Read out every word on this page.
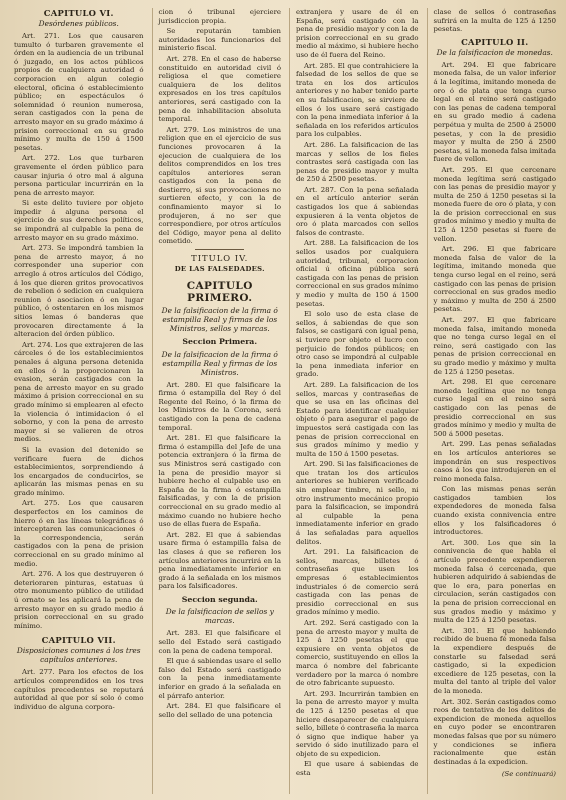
CAPITULO VI.
Desórdenes públicos.

Art. 271. Los que causaren tumulto ó turbaren gravemente el órden en la audiencia de un tribunal ó juzgado, en los actos públicos propios de cualquiera autoridad ó corporacion en algun colegio electoral, oficina ó establecimiento público; en espectáculos ó solemnidad ó reunion numerosa, seran castigados con la pena de arresto mayor en su grado máximo á prision correccional en su grado mínimo y multa de 150 á 1500 pesetas.

Art. 272. Los que turbaren gravemente el órden público para causar injuria ó otro mal á alguna persona particular incurrirán en la pena de arresto mayor.

Si este delito tuviere por objeto impedir á alguna persona el ejercicio de sus derechos políticos, se impondrá al culpable la pena de arresto mayor en su grado máximo.

Art. 273. Se impondrá tambien la pena de arresto mayor, á no corresponder una superior con arreglo á otros artículos del Código, á los que dieren gritos provocativos de rebelion ó sedicion en cualquiera reunion ó asociacion ó en lugar público, ó ostentaren en los mismos sitios lemas ó banderas que provocaren directamente á la alteracion del órden público.

Art. 274. Los que extrajeren de las cárceles ó de los establecimientos penales á alguna persona detenida en ellos ó la proporcionaren la evasion, serán castigados con la pena de arresto mayor en su grado máximo á prision correccional en su grado mínimo si emplearen al efecto la violencia ó intimidacion ó el soborno, y con la pena de arresto mayor si se valieren de otros medios.

Si la evasion del detenido se verificare fuera de dichos establecimientos, sorprendiendo á los encargados de conducirlos, se aplicarán las mismas penas en su grado mínimo.

Art. 275. Los que causaren desperfectos en los caminos de hierro ó en las líneas telegráficas ó interceptaren las comunicaciones ó la correspondencia, serán castigados con la pena de prision correccional en su grado mínimo al medio.

Art. 276. A los que destruyeren ó deterioraren pinturas, estatuas ú otro monumento público de utilidad ú ornato se les aplicará la pena de arresto mayor en su grado medio á prision correccional en su grado mínimo.

CAPITULO VII.
Disposiciones comunes á los tres capítulos anteriores.

Art. 277. Para los efectos de los artículos comprendidos en los tres capítulos precedentes se reputará autoridad al que por sí solo ó como individuo de alguna corpora-

cion ó tribunal ejerciere jurisdiccion propia.

Se reputarán tambien autoridades los funcionarios del ministerio fiscal.

Art. 278. En el caso de haberse constituido en autoridad civil ó religiosa el que cometiere cualquiera de los delitos expresados en los tres capítulos anteriores, será castigado con la pena de inhabilitacion absoluta temporal.

Art. 279. Los ministros de una religion que en el ejercicio de sus funciones provocaren á la ejecucion de cualquiera de los delitos comprendidos en los tres capítulos anteriores seran castigados con la pena de destierro, si sus provocaciones no surtieren efecto, y con la de confinamiento mayor si lo produjeren, á no ser que correspondiere, por otros artículos del Código, mayor pena al delito cometido.

TITULO IV.
DE LAS FALSEDADES.
CAPITULO PRIMERO.
De la falsificacion de la firma ó estampilla Real y firmas de los Ministros, sellos y marcas.
Seccion Primera.
De la falsificacion de la firma ó estampilla Real y firmas de los Ministros.

Art. 280. El que falsificare la firma ó estampilla del Rey ó del Regente del Reino, ó la firma de los Ministros de la Corona, será castigado con la pena de cadena temporal.

Art. 281. El que falsificare la firma ó estampilla del Jefe de una potencia extranjera ó la firma de sus Ministros será castigado con la pena de presidio mayor si hubiere hecho el culpable uso en España de la firma ó estampilla falsificadas, y con la de prision correccional en su grado medio al máximo cuando no hubiere hecho uso de ellas fuera de España.

Art. 282. El que á sabiendas usare firma ó estampilla falsa de las clases á que se refieren los artículos anteriores incurrirá en la pena inmediatamente inferior en grado á la señalada en los mismos para los falsificadores.

Seccion segunda.
De la falsificacion de sellos y marcas.

Art. 283. El que falsificare el sello del Estado será castigado con la pena de cadena temporal.

El que á sabiendas usare el sello falso del Estado será castigado con la pena inmediatamente inferior en grado á la señalada en el párrafo anterior.

Art. 284. El que falsificare el sello del sellado de una potencia

extranjera y usare de él en España, será castigado con la pena de presidio mayor y con la de prision correccional en su grado medio al máximo, si hubiere hecho uso de él fuera del Reino.

Art. 285. El que contrahiciere la falsedad de los sellos de que se trata en los dos artículos anteriores y no haber tenido parte en su falsificacion, se sirviere de ellos ó los usare será castigado con la pena inmediata inferior á la señalada en los referidos artículos para los culpables.

Art. 286. La falsificacion de las marcas y sellos de los fieles contrastes será castigada con las penas de presidio mayor y multa de 250 á 2500 pesetas.

Art. 287. Con la pena señalada en el artículo anterior serán castigados los que á sabiendas expusieren á la venta objetos de oro ó plata marcados con sellos falsos de contraste.

Art. 288. La falsificacion de los sellos usados por cualquiera autoridad, tribunal, corporacion oficial ú oficina pública será castigada con las penas de prision correccional en sus grados mínimo y medio y multa de 150 á 1500 pesetas.

El solo uso de esta clase de sellos, á sabiendas de que son falsos, se castigará con igual pena, si tuviere por objeto el lucro con perjuicio de fondos públicos; en otro caso se impondrá al culpable la pena inmediata inferior en grado.

Art. 289. La falsificacion de los sellos, marcas y contraseñas de que se usa en las oficinas del Estado para identificar cualquier objeto ó para asegurar el pago de impuestos será castigada con las penas de prision correccional en sus grados mínimo y medio y multa de 150 á 1500 pesetas.

Art. 290. Si las falsificaciones de que tratan los dos artículos anteriores se hubieren verificado sin emplear timbre, ni sello, ni otro instrumento mecánico propio para la falsificacion, se impondrá al culpable la pena inmediatamente inferior en grado á las señaladas para aquellos delitos.

Art. 291. La falsificacion de sellos, marcas, billetes ó contraseñas que usen los empresas ó establecimientos industriales ó de comercio será castigada con las penas de presidio correccional en sus grados mínimo y medio.

Art. 292. Será castigado con la pena de arresto mayor y multa de 125 á 1250 pesetas el que expusiere en venta objetos de comercio, sustituyendo en ellos la marca ó nombre del fabricante verdadero por la marca ó nombre de otro fabricante supuesto.

Art. 293. Incurrirán tambien en la pena de arresto mayor y multa de 125 á 1250 pesetas el que hiciere desaparecer de cualquiera sello, billete ó contraseña la marca ó signo que indique haber ya servido ó sido inutilizado para el objeto de su expedicion.

El que usare á sabiendas de esta

clase de sellos ó contraseñas sufrirá en la multa de 125 á 1250 pesetas.

CAPITULO II.
De la falsificacion de monedas.

Art. 294. El que fabricare moneda falsa, de un valor inferior á la legítima, imitando moneda de oro ó de plata que tenga curso legal en el reino será castigado con las penas de cadena temporal en su grado medio á cadena perpétua y multa de 2500 á 25000 pesetas, y con la de presidio mayor y multa de 250 á 2500 pesetas, si la moneda falsa imitada fuere de vellon.

Art. 295. El que cercenare moneda legítima será castigado con las penas de presidio mayor y multa de 250 á 1250 pesetas si la moneda fuere de oro ó plata, y con la de prision correccional en sus grados mínimo y medio y multa de 125 á 1250 pesetas si fuere de vellon.

Art. 296. El que fabricare moneda falsa de valor de la legítima, imitando moneda que tenga curso legal en el reino, será castigado con las penas de prision correccional en sus grados medio y máximo y multa de 250 á 2500 pesetas.

Art. 297. El que fabricare moneda falsa, imitando moneda que no tenga curso legal en el reino, será castigado con las penas de prision correccional en su grado medio y máximo y multa de 125 á 1250 pesetas.

Art. 298. El que cercenare moneda legítima que no tenga curso legal en el reino será castigado con las penas de presidio correccional en sus grados mínimo y medio y multa de 500 á 5000 pesetas.

Art. 299. Las penas señaladas en los artículos anteriores se impondrán en sus respectivos casos á los que introdujeren en el reino moneda falsa.

Con las mismas penas serán castigados tambien los expendedores de moneda falsa cuando exista connivencia entre ellos y los falsificadores ó introductores.

Art. 300. Los que sin la connivencia de que habla el artículo precedente expendieren moneda falsa ó cercenada, que hubieren adquirido á sabiendas de que lo era, para ponerlas en circulacion, serán castigados con la pena de prision correccional en sus grados medio y máximo y multa de 125 á 1250 pesetas.

Art. 301. El que habiendo recibido de buena fé moneda falsa la expendiere después de constarle su falsedad será castigado, si la expedicion excediere de 125 pesetas, con la multa del tanto al triple del valor de la moneda.

Art. 302. Serán castigados como reos de tentativa de los delitos de expendicion de moneda aquellos en cuyo poder se encontraren monedas falsas que por su número y condiciones se infiera racionalmente que están destinadas á la expedicion.

(Se continuará)
